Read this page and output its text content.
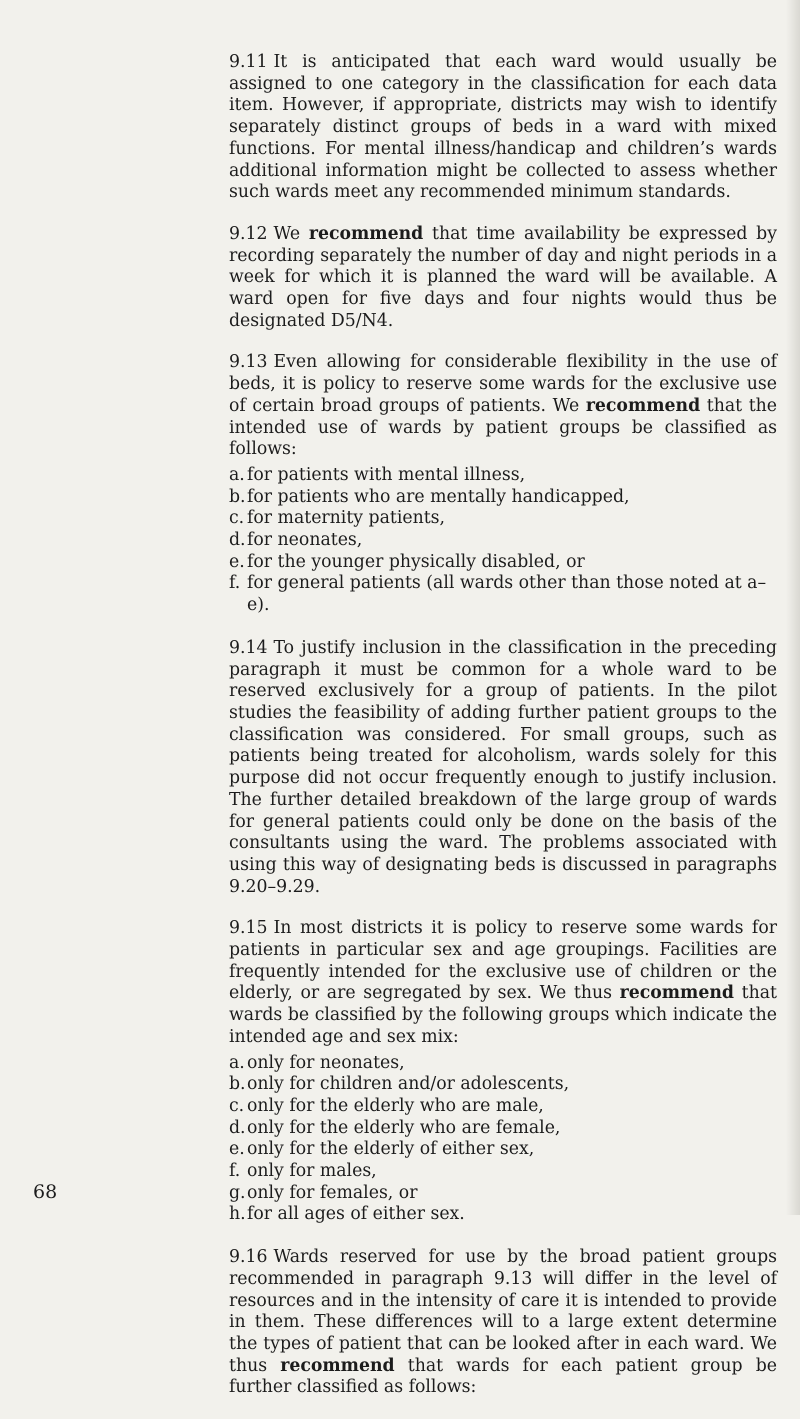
9.11 It is anticipated that each ward would usually be assigned to one category in the classification for each data item. However, if appropriate, districts may wish to identify separately distinct groups of beds in a ward with mixed functions. For mental illness/handicap and children’s wards additional information might be collected to assess whether such wards meet any recommended minimum standards.

9.12 We recommend that time availability be expressed by recording separately the number of day and night periods in a week for which it is planned the ward will be available. A ward open for five days and four nights would thus be designated D5/N4.

9.13 Even allowing for considerable flexibility in the use of beds, it is policy to reserve some wards for the exclusive use of certain broad groups of patients. We recommend that the intended use of wards by patient groups be classified as follows:

a. for patients with mental illness,
b. for patients who are mentally handicapped,
c. for maternity patients,
d. for neonates,
e. for the younger physically disabled, or
f. for general patients (all wards other than those noted at a–e).

9.14 To justify inclusion in the classification in the preceding paragraph it must be common for a whole ward to be reserved exclusively for a group of patients. In the pilot studies the feasibility of adding further patient groups to the classification was considered. For small groups, such as patients being treated for alcoholism, wards solely for this purpose did not occur frequently enough to justify inclusion. The further detailed breakdown of the large group of wards for general patients could only be done on the basis of the consultants using the ward. The problems associated with using this way of designating beds is discussed in paragraphs 9.20–9.29.

9.15 In most districts it is policy to reserve some wards for patients in particular sex and age groupings. Facilities are frequently intended for the exclusive use of children or the elderly, or are segregated by sex. We thus recommend that wards be classified by the following groups which indicate the intended age and sex mix:

a. only for neonates,
b. only for children and/or adolescents,
c. only for the elderly who are male,
d. only for the elderly who are female,
e. only for the elderly of either sex,
f. only for males,
g. only for females, or
h. for all ages of either sex.

9.16 Wards reserved for use by the broad patient groups recommended in paragraph 9.13 will differ in the level of resources and in the intensity of care it is intended to provide in them. These differences will to a large extent determine the types of patient that can be looked after in each ward. We thus recommend that wards for each patient group be further classified as follows:

68
